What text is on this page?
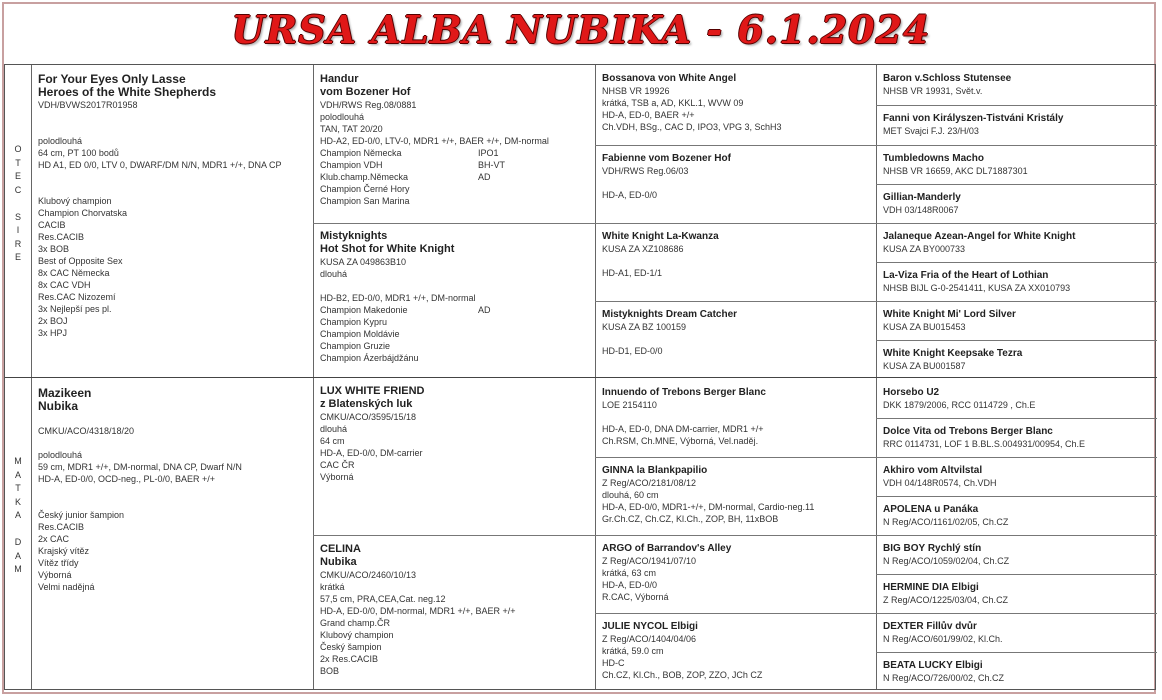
URSA ALBA NUBIKA - 6.1.2024
O
T
E
C

S
I
R
E
M
A
T
K
A

D
A
M
For Your Eyes Only Lasse
Heroes of the White Shepherds
VDH/BVWS2017R01958
polodlouhá
64 cm, PT 100 bodů
HD A1, ED 0/0, LTV 0, DWARF/DM N/N, MDR1 +/+, DNA CP
Klubový champion
Champion Chorvatska
CACIB
Res.CACIB
3x BOB
Best of Opposite Sex
8x CAC Německa
8x CAC VDH
Res.CAC Nizozemí
3x Nejlepší pes pl.
2x BOJ
3x HPJ
Mazikeen
Nubika
CMKU/ACO/4318/18/20
polodlouhá
59 cm, MDR1 +/+, DM-normal, DNA CP, Dwarf N/N
HD-A, ED-0/0, OCD-neg., PL-0/0, BAER +/+
Český junior šampion
Res.CACIB
2x CAC
Krajský vítěz
Vítěz třídy
Výborná
Velmi nadějná
Handur
vom Bozener Hof
VDH/RWS Reg.08/0881
polodlouhá
TAN, TAT 20/20
HD-A2, ED-0/0, LTV-0, MDR1 +/+, BAER +/+, DM-normal
Champion Německa	IPO1
Champion VDH	BH-VT
Klub.champ.Německa	AD
Champion Černé Hory
Champion San Marina
Mistyknights
Hot Shot for White Knight
KUSA ZA 049863B10
dlouhá
HD-B2, ED-0/0, MDR1 +/+, DM-normal
Champion Makedonie	AD
Champion Kypru
Champion Moldávie
Champion Gruzie
Champion Ázerbájdžánu
LUX WHITE FRIEND
z Blatenských luk
CMKU/ACO/3595/15/18
dlouhá
64 cm
HD-A, ED-0/0, DM-carrier
CAC ČR
Výborná
CELINA
Nubika
CMKU/ACO/2460/10/13
krátká
57,5 cm, PRA,CEA,Cat. neg.12
HD-A, ED-0/0, DM-normal, MDR1 +/+, BAER +/+
Grand champ.ČR
Klubový champion
Český šampion
2x Res.CACIB
BOB
Bossanova von White Angel
NHSB VR 19926
krátká, TSB a, AD, KKL.1, WVW 09
HD-A, ED-0, BAER +/+
Ch.VDH, BSg., CAC D, IPO3, VPG 3, SchH3
Fabienne vom Bozener Hof
VDH/RWS Reg.06/03
HD-A, ED-0/0
White Knight La-Kwanza
KUSA ZA XZ108686
HD-A1, ED-1/1
Mistyknights Dream Catcher
KUSA ZA BZ 100159
HD-D1, ED-0/0
Innuendo of Trebons Berger Blanc
LOE 2154110
HD-A, ED-0, DNA DM-carrier, MDR1 +/+
Ch.RSM, Ch.MNE, Výborná, Vel.naděj.
GINNA la Blankpapilio
Z Reg/ACO/2181/08/12
dlouhá, 60 cm
HD-A, ED-0/0, MDR1-+/+, DM-normal, Cardio-neg.11
Gr.Ch.CZ, Ch.CZ, Kl.Ch., ZOP, BH, 11xBOB
ARGO of Barrandov's Alley
Z Reg/ACO/1941/07/10
krátká, 63 cm
HD-A, ED-0/0
R.CAC, Výborná
JULIE NYCOL Elbigi
Z Reg/ACO/1404/04/06
krátká, 59.0 cm
HD-C
Ch.CZ, Kl.Ch., BOB, ZOP, ZZO, JCh CZ
Baron v.Schloss Stutensee
NHSB VR 19931, Svět.v.
Fanni von Királyszen-Tistváni Kristály
MET Svajci F.J. 23/H/03
Tumbledowns Macho
NHSB VR 16659, AKC DL71887301
Gillian-Manderly
VDH 03/148R0067
Jalaneque Azean-Angel for White Knight
KUSA ZA BY000733
La-Viza Fria of the Heart of Lothian
NHSB BIJL G-0-2541411, KUSA ZA XX010793
White Knight Mi' Lord Silver
KUSA ZA BU015453
White Knight Keepsake Tezra
KUSA ZA BU001587
Horsebo U2
DKK 1879/2006, RCC 0114729 , Ch.E
Dolce Vita od Trebons Berger Blanc
RRC 0114731, LOF 1 B.BL.S.004931/00954, Ch.E
Akhiro vom Altvilstal
VDH 04/148R0574, Ch.VDH
APOLENA u Panáka
N Reg/ACO/1161/02/05, Ch.CZ
BIG BOY Rychlý stín
N Reg/ACO/1059/02/04, Ch.CZ
HERMINE DIA Elbigi
Z Reg/ACO/1225/03/04, Ch.CZ
DEXTER Fillův dvůr
N Reg/ACO/601/99/02, Kl.Ch.
BEATA LUCKY Elbigi
N Reg/ACO/726/00/02, Ch.CZ
